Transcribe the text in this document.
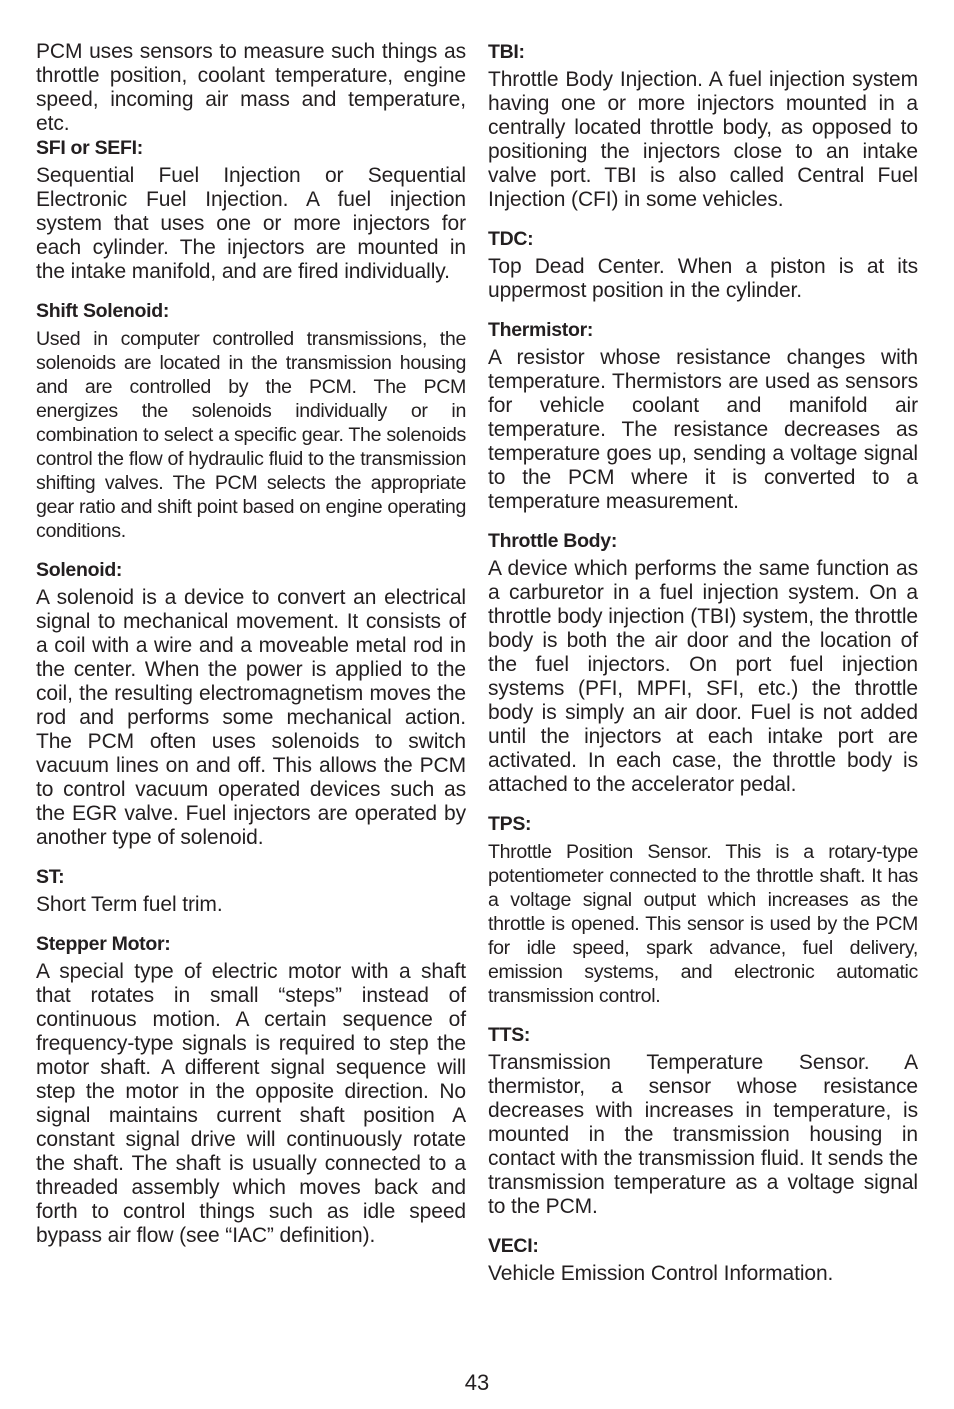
PCM uses sensors to measure such things as throttle position, coolant temperature, engine speed, incoming air mass and temperature, etc.

SFI or SEFI:

Sequential Fuel Injection or Sequential Electronic Fuel Injection. A fuel injection system that uses one or more injectors for each cylinder. The injectors are mounted in the intake manifold, and are fired individually.

Shift Solenoid:

Used in computer controlled transmissions, the solenoids are located in the transmission housing and are controlled by the PCM. The PCM energizes the solenoids individually or in combination to select a specific gear. The solenoids control the flow of hydraulic fluid to the transmission shifting valves. The PCM selects the appropriate gear ratio and shift point based on engine operating conditions.

Solenoid:

A solenoid is a device to convert an electrical signal to mechanical movement. It consists of a coil with a wire and a moveable metal rod in the center. When the power is applied to the coil, the resulting electromagnetism moves the rod and performs some mechanical action. The PCM often uses solenoids to switch vacuum lines on and off. This allows the PCM to control vacuum operated devices such as the EGR valve. Fuel injectors are operated by another type of solenoid.

ST:

Short Term fuel trim.

Stepper Motor:

A special type of electric motor with a shaft that rotates in small “steps” instead of continuous motion. A certain sequence of frequency-type signals is required to step the motor shaft. A different signal sequence will step the motor in the opposite direction. No signal maintains current shaft position A constant signal drive will continuously rotate the shaft. The shaft is usually connected to a threaded assembly which moves back and forth to control things such as idle speed bypass air flow (see “IAC” definition).

TBI:

Throttle Body Injection. A fuel injection system having one or more injectors mounted in a centrally located throttle body, as opposed to positioning the injectors close to an intake valve port. TBI is also called Central Fuel Injection (CFI) in some vehicles.

TDC:

Top Dead Center. When a piston is at its uppermost position in the cylinder.

Thermistor:

A resistor whose resistance changes with temperature. Thermistors are used as sensors for vehicle coolant and manifold air temperature. The resistance decreases as temperature goes up, sending a voltage signal to the PCM where it is converted to a temperature measurement.

Throttle Body:

A device which performs the same function as a carburetor in a fuel injection system. On a throttle body injection (TBI) system, the throttle body is both the air door and the location of the fuel injectors. On port fuel injection systems (PFI, MPFI, SFI, etc.) the throttle body is simply an air door. Fuel is not added until the injectors at each intake port are activated. In each case, the throttle body is attached to the accelerator pedal.

TPS:

Throttle Position Sensor. This is a rotary-type potentiometer connected to the throttle shaft. It has a voltage signal output which increases as the throttle is opened. This sensor is used by the PCM for idle speed, spark advance, fuel delivery, emission systems, and electronic automatic transmission control.

TTS:

Transmission Temperature Sensor. A thermistor, a sensor whose resistance decreases with increases in temperature, is mounted in the transmission housing in contact with the transmission fluid. It sends the transmission temperature as a voltage signal to the PCM.

VECI:

Vehicle Emission Control Information.

43
